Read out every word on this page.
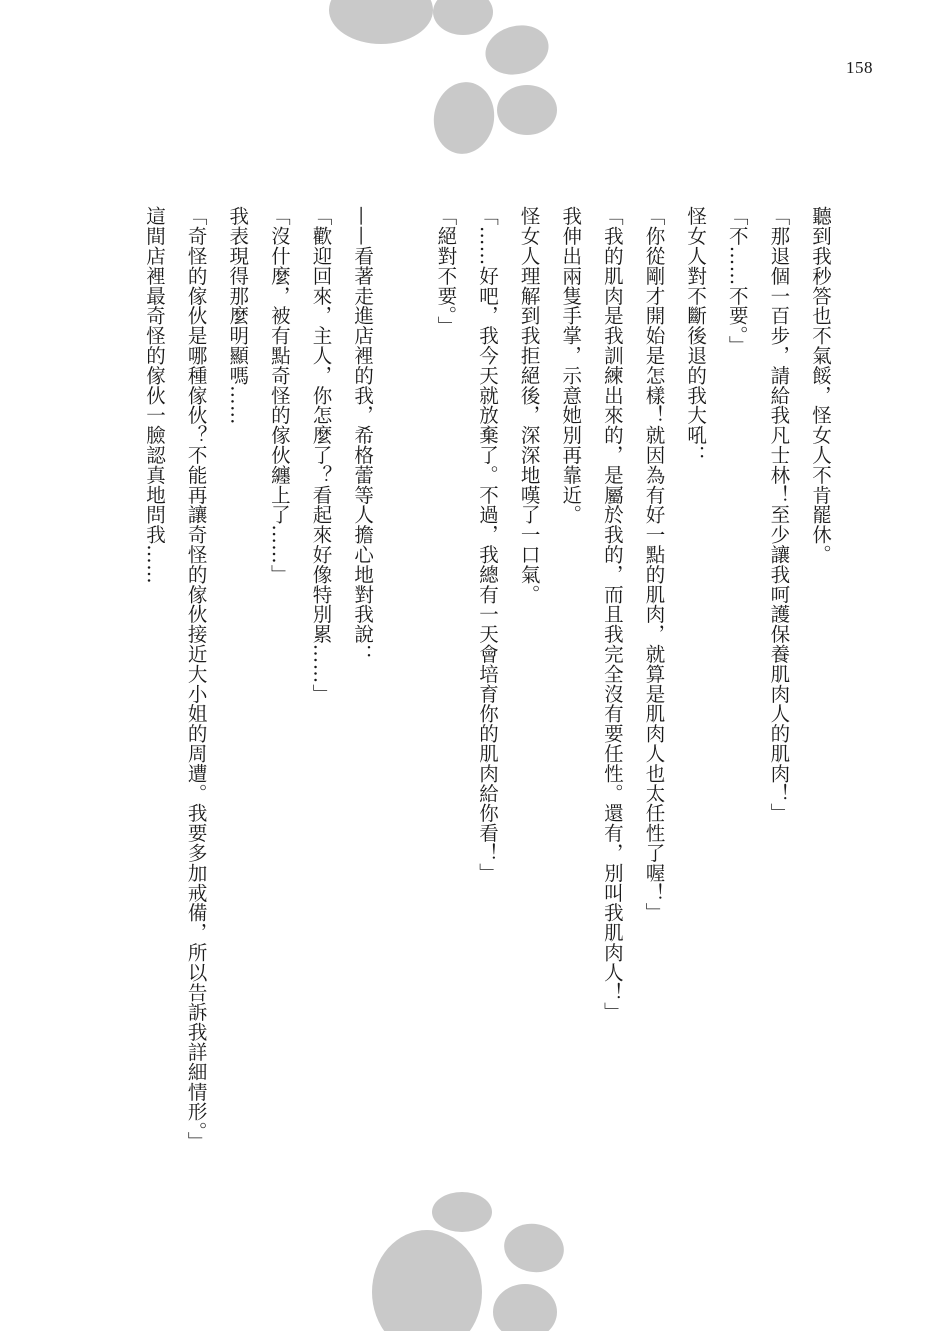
158
聽到我秒答也不氣餒，怪女人不肯罷休。
「那退個一百步，請給我凡士林！至少讓我呵護保養肌肉人的肌肉！」
「不……不要。」
怪女人對不斷後退的我大吼：
「你從剛才開始是怎樣！就因為有好一點的肌肉，就算是肌肉人也太任性了喔！」
「我的肌肉是我訓練出來的，是屬於我的，而且我完全沒有要任性。還有，別叫我肌肉人！」
我伸出兩隻手掌，示意她別再靠近。
怪女人理解到我拒絕後，深深地嘆了一口氣。
「……好吧，我今天就放棄了。不過，我總有一天會培育你的肌肉給你看！」
「絕對不要。」
——看著走進店裡的我，希格蕾等人擔心地對我說：
「歡迎回來，主人，你怎麼了？看起來好像特別累……」
「沒什麼，被有點奇怪的傢伙纏上了……」
我表現得那麼明顯嗎……
「奇怪的傢伙是哪種傢伙？不能再讓奇怪的傢伙接近大小姐的周遭。我要多加戒備，所以告訴我詳細情形。」
這間店裡最奇怪的傢伙一臉認真地問我……
